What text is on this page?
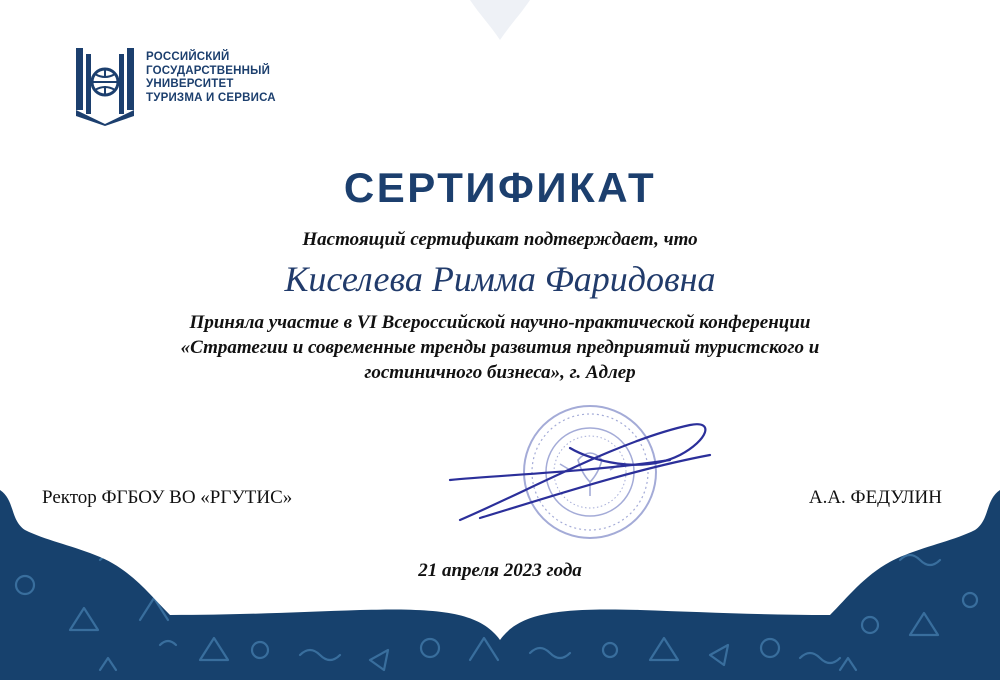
РОССИЙСКИЙ
ГОСУДАРСТВЕННЫЙ
УНИВЕРСИТЕТ
ТУРИЗМА И СЕРВИСА
СЕРТИФИКАТ
Настоящий сертификат подтверждает, что
Киселева Римма Фаридовна
Приняла участие в VI Всероссийской научно-практической конференции
«Стратегии и современные тренды развития предприятий туристского и
гостиничного бизнеса», г. Адлер
Ректор ФГБОУ ВО «РГУТИС»	А.А. ФЕДУЛИН
21 апреля 2023 года
